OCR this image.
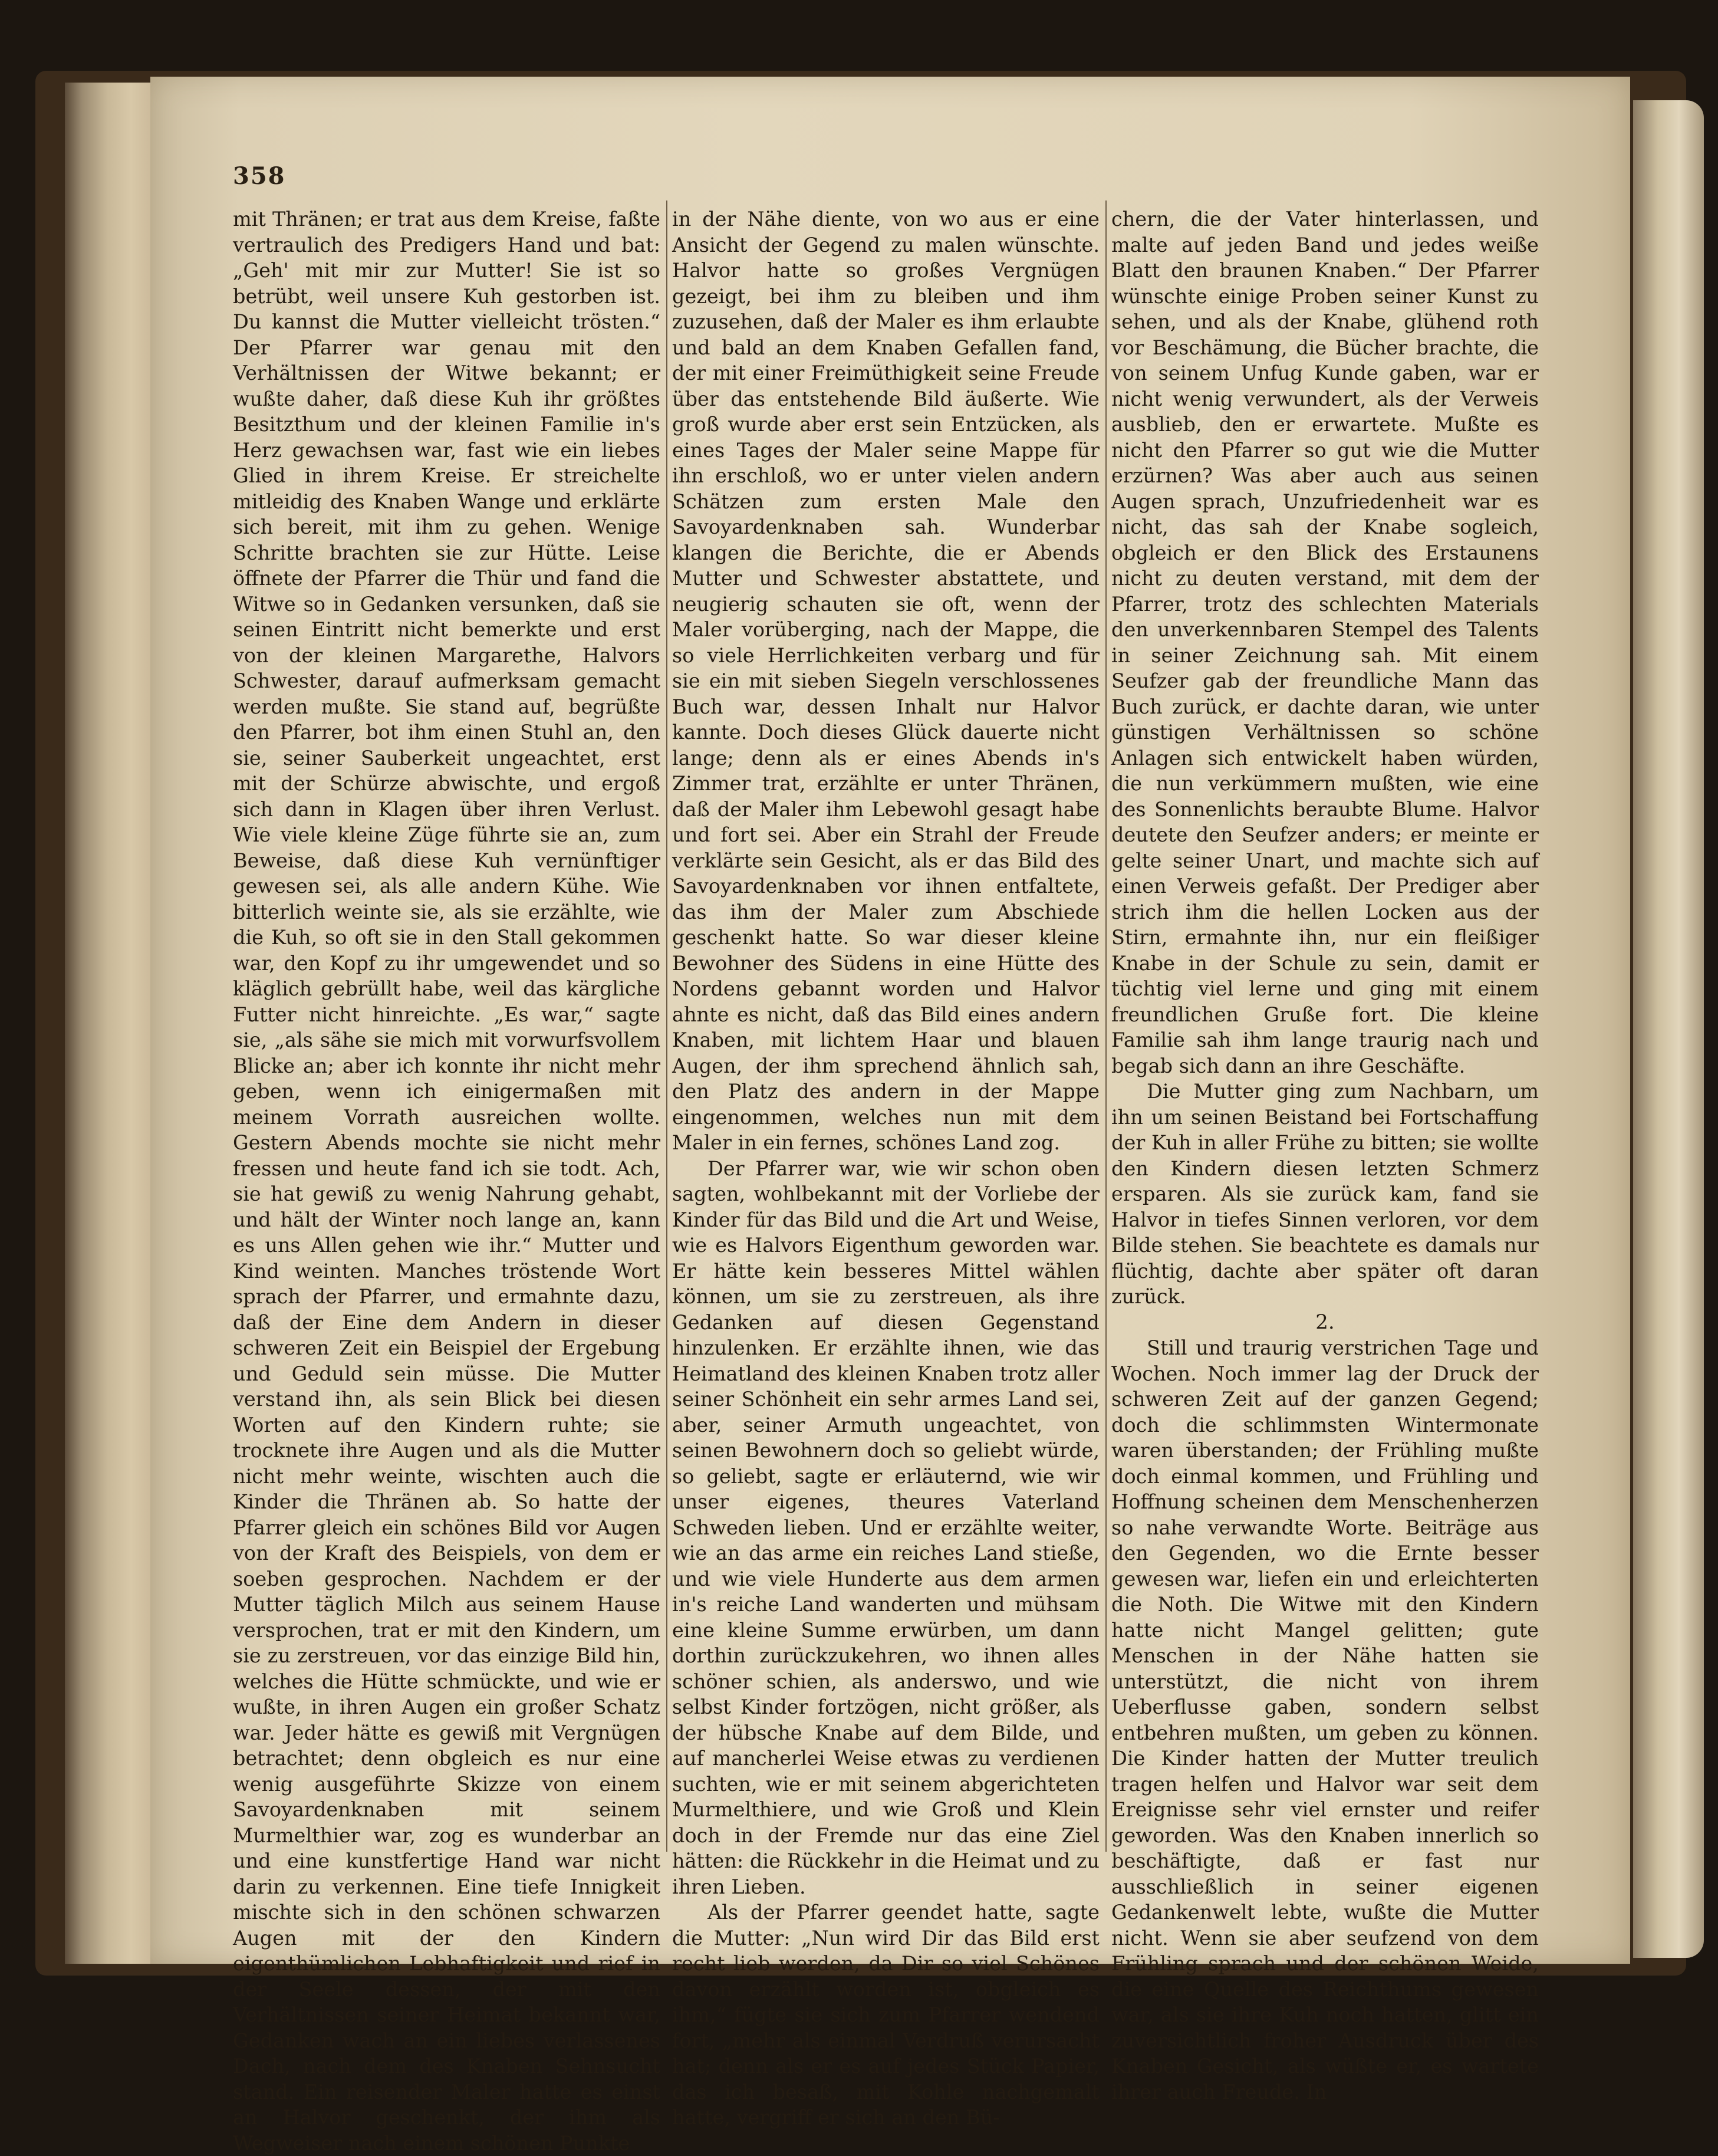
358

mit Thränen; er trat aus dem Kreise, faßte vertraulich des Predigers Hand und bat: „Geh' mit mir zur Mutter! Sie ist so betrübt, weil unsere Kuh gestorben ist. Du kannst die Mutter vielleicht trösten.“ Der Pfarrer war genau mit den Verhältnissen der Witwe bekannt; er wußte daher, daß diese Kuh ihr größtes Besitzthum und der kleinen Familie in's Herz gewachsen war, fast wie ein liebes Glied in ihrem Kreise. Er streichelte mitleidig des Knaben Wange und erklärte sich bereit, mit ihm zu gehen. Wenige Schritte brachten sie zur Hütte. Leise öffnete der Pfarrer die Thür und fand die Witwe so in Gedanken versunken, daß sie seinen Eintritt nicht bemerkte und erst von der kleinen Margarethe, Halvors Schwester, darauf aufmerksam gemacht werden mußte. Sie stand auf, begrüßte den Pfarrer, bot ihm einen Stuhl an, den sie, seiner Sauberkeit ungeachtet, erst mit der Schürze abwischte, und ergoß sich dann in Klagen über ihren Verlust. Wie viele kleine Züge führte sie an, zum Beweise, daß diese Kuh vernünftiger gewesen sei, als alle andern Kühe. Wie bitterlich weinte sie, als sie erzählte, wie die Kuh, so oft sie in den Stall gekommen war, den Kopf zu ihr umgewendet und so kläglich gebrüllt habe, weil das kärgliche Futter nicht hinreichte. „Es war,“ sagte sie, „als sähe sie mich mit vorwurfsvollem Blicke an; aber ich konnte ihr nicht mehr geben, wenn ich einigermaßen mit meinem Vorrath ausreichen wollte. Gestern Abends mochte sie nicht mehr fressen und heute fand ich sie todt. Ach, sie hat gewiß zu wenig Nahrung gehabt, und hält der Winter noch lange an, kann es uns Allen gehen wie ihr.“ Mutter und Kind weinten. Manches tröstende Wort sprach der Pfarrer, und ermahnte dazu, daß der Eine dem Andern in dieser schweren Zeit ein Beispiel der Ergebung und Geduld sein müsse. Die Mutter verstand ihn, als sein Blick bei diesen Worten auf den Kindern ruhte; sie trocknete ihre Augen und als die Mutter nicht mehr weinte, wischten auch die Kinder die Thränen ab. So hatte der Pfarrer gleich ein schönes Bild vor Augen von der Kraft des Beispiels, von dem er soeben gesprochen. Nachdem er der Mutter täglich Milch aus seinem Hause versprochen, trat er mit den Kindern, um sie zu zerstreuen, vor das einzige Bild hin, welches die Hütte schmückte, und wie er wußte, in ihren Augen ein großer Schatz war. Jeder hätte es gewiß mit Vergnügen betrachtet; denn obgleich es nur eine wenig ausgeführte Skizze von einem Savoyardenknaben mit seinem Murmelthier war, zog es wunderbar an und eine kunstfertige Hand war nicht darin zu verkennen. Eine tiefe Innigkeit mischte sich in den schönen schwarzen Augen mit der den Kindern eigenthümlichen Lebhaftigkeit und rief in der Seele dessen, der mit den Verhältnissen seiner Heimat bekannt war, Gedanken wach an ein liebes verlassenes Dach, nach dem des Knaben Sehnsucht stand. Ein reisender Maler hatte es einst an Halvor geschenkt, der ihm als Wegweiser nach einem schönen Punkte

in der Nähe diente, von wo aus er eine Ansicht der Gegend zu malen wünschte. Halvor hatte so großes Vergnügen gezeigt, bei ihm zu bleiben und ihm zuzusehen, daß der Maler es ihm erlaubte und bald an dem Knaben Gefallen fand, der mit einer Freimüthigkeit seine Freude über das entstehende Bild äußerte. Wie groß wurde aber erst sein Entzücken, als eines Tages der Maler seine Mappe für ihn erschloß, wo er unter vielen andern Schätzen zum ersten Male den Savoyardenknaben sah. Wunderbar klangen die Berichte, die er Abends Mutter und Schwester abstattete, und neugierig schauten sie oft, wenn der Maler vorüberging, nach der Mappe, die so viele Herrlichkeiten verbarg und für sie ein mit sieben Siegeln verschlossenes Buch war, dessen Inhalt nur Halvor kannte. Doch dieses Glück dauerte nicht lange; denn als er eines Abends in's Zimmer trat, erzählte er unter Thränen, daß der Maler ihm Lebewohl gesagt habe und fort sei. Aber ein Strahl der Freude verklärte sein Gesicht, als er das Bild des Savoyardenknaben vor ihnen entfaltete, das ihm der Maler zum Abschiede geschenkt hatte. So war dieser kleine Bewohner des Südens in eine Hütte des Nordens gebannt worden und Halvor ahnte es nicht, daß das Bild eines andern Knaben, mit lichtem Haar und blauen Augen, der ihm sprechend ähnlich sah, den Platz des andern in der Mappe eingenommen, welches nun mit dem Maler in ein fernes, schönes Land zog.

Der Pfarrer war, wie wir schon oben sagten, wohlbekannt mit der Vorliebe der Kinder für das Bild und die Art und Weise, wie es Halvors Eigenthum geworden war. Er hätte kein besseres Mittel wählen können, um sie zu zerstreuen, als ihre Gedanken auf diesen Gegenstand hinzulenken. Er erzählte ihnen, wie das Heimatland des kleinen Knaben trotz aller seiner Schönheit ein sehr armes Land sei, aber, seiner Armuth ungeachtet, von seinen Bewohnern doch so geliebt würde, so geliebt, sagte er erläuternd, wie wir unser eigenes, theures Vaterland Schweden lieben. Und er erzählte weiter, wie an das arme ein reiches Land stieße, und wie viele Hunderte aus dem armen in's reiche Land wanderten und mühsam eine kleine Summe erwürben, um dann dorthin zurückzukehren, wo ihnen alles schöner schien, als anderswo, und wie selbst Kinder fortzögen, nicht größer, als der hübsche Knabe auf dem Bilde, und auf mancherlei Weise etwas zu verdienen suchten, wie er mit seinem abgerichteten Murmelthiere, und wie Groß und Klein doch in der Fremde nur das eine Ziel hätten: die Rückkehr in die Heimat und zu ihren Lieben.

Als der Pfarrer geendet hatte, sagte die Mutter: „Nun wird Dir das Bild erst recht lieb werden, da Dir so viel Schönes davon erzählt worden ist, obgleich es ihm,“ fügte sie sich zum Pfarrer wendend fort, „mehr als einmal Verdruß verursacht hat; denn als er es auf jedes Stück Papier, das ich besaß, mit Kohle nachgemalt hatte, vergriff er sich an den Bü-

chern, die der Vater hinterlassen, und malte auf jeden Band und jedes weiße Blatt den braunen Knaben.“ Der Pfarrer wünschte einige Proben seiner Kunst zu sehen, und als der Knabe, glühend roth vor Beschämung, die Bücher brachte, die von seinem Unfug Kunde gaben, war er nicht wenig verwundert, als der Verweis ausblieb, den er erwartete. Mußte es nicht den Pfarrer so gut wie die Mutter erzürnen? Was aber auch aus seinen Augen sprach, Unzufriedenheit war es nicht, das sah der Knabe sogleich, obgleich er den Blick des Erstaunens nicht zu deuten verstand, mit dem der Pfarrer, trotz des schlechten Materials den unverkennbaren Stempel des Talents in seiner Zeichnung sah. Mit einem Seufzer gab der freundliche Mann das Buch zurück, er dachte daran, wie unter günstigen Verhältnissen so schöne Anlagen sich entwickelt haben würden, die nun verkümmern mußten, wie eine des Sonnenlichts beraubte Blume. Halvor deutete den Seufzer anders; er meinte er gelte seiner Unart, und machte sich auf einen Verweis gefaßt. Der Prediger aber strich ihm die hellen Locken aus der Stirn, ermahnte ihn, nur ein fleißiger Knabe in der Schule zu sein, damit er tüchtig viel lerne und ging mit einem freundlichen Gruße fort. Die kleine Familie sah ihm lange traurig nach und begab sich dann an ihre Geschäfte.

Die Mutter ging zum Nachbarn, um ihn um seinen Beistand bei Fortschaffung der Kuh in aller Frühe zu bitten; sie wollte den Kindern diesen letzten Schmerz ersparen. Als sie zurück kam, fand sie Halvor in tiefes Sinnen verloren, vor dem Bilde stehen. Sie beachtete es damals nur flüchtig, dachte aber später oft daran zurück.

2.

Still und traurig verstrichen Tage und Wochen. Noch immer lag der Druck der schweren Zeit auf der ganzen Gegend; doch die schlimmsten Wintermonate waren überstanden; der Frühling mußte doch einmal kommen, und Frühling und Hoffnung scheinen dem Menschenherzen so nahe verwandte Worte. Beiträge aus den Gegenden, wo die Ernte besser gewesen war, liefen ein und erleichterten die Noth. Die Witwe mit den Kindern hatte nicht Mangel gelitten; gute Menschen in der Nähe hatten sie unterstützt, die nicht von ihrem Ueberflusse gaben, sondern selbst entbehren mußten, um geben zu können. Die Kinder hatten der Mutter treulich tragen helfen und Halvor war seit dem Ereignisse sehr viel ernster und reifer geworden. Was den Knaben innerlich so beschäftigte, daß er fast nur ausschließlich in seiner eigenen Gedankenwelt lebte, wußte die Mutter nicht. Wenn sie aber seufzend von dem Frühling sprach und der schönen Weide, die eine Quelle des Reichthums gewesen war, als sie ihre Kuh noch hatten, glitt ein zuversichtlich froher Ausdruck über des Knaben Gesicht, als wüßte er, es wartete ihrer auch Freude. In
